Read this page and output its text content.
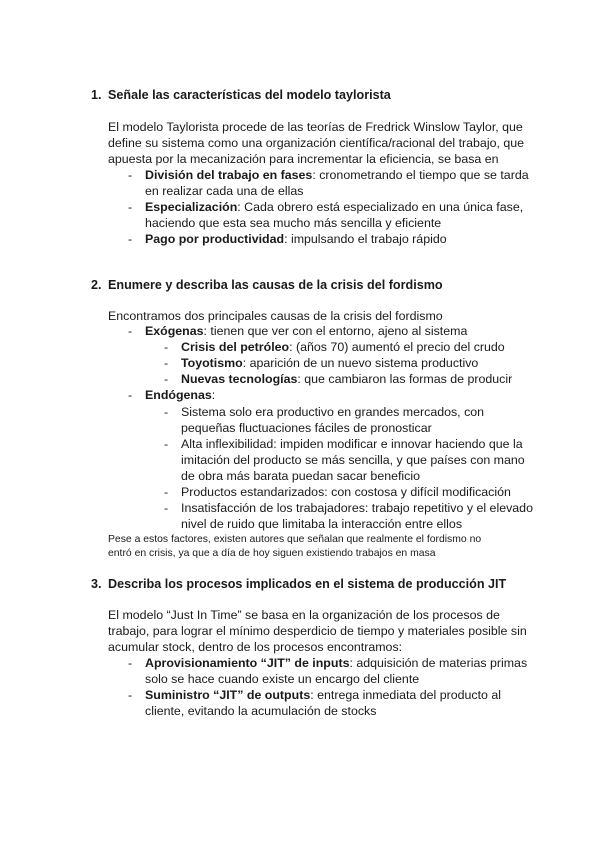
1. Señale las características del modelo taylorista
El modelo Taylorista procede de las teorías de Fredrick Winslow Taylor, que
define su sistema como una organización científica/racional del trabajo, que
apuesta por la mecanización para incrementar la eficiencia, se basa en
- División del trabajo en fases: cronometrando el tiempo que se tarda
en realizar cada una de ellas
- Especialización: Cada obrero está especializado en una única fase,
haciendo que esta sea mucho más sencilla y eficiente
- Pago por productividad: impulsando el trabajo rápido
2. Enumere y describa las causas de la crisis del fordismo
Encontramos dos principales causas de la crisis del fordismo
- Exógenas: tienen que ver con el entorno, ajeno al sistema
- Crisis del petróleo: (años 70) aumentó el precio del crudo
- Toyotismo: aparición de un nuevo sistema productivo
- Nuevas tecnologías: que cambiaron las formas de producir
- Endógenas:
- Sistema solo era productivo en grandes mercados, con
pequeñas fluctuaciones fáciles de pronosticar
- Alta inflexibilidad: impiden modificar e innovar haciendo que la
imitación del producto se más sencilla, y que países con mano
de obra más barata puedan sacar beneficio
- Productos estandarizados: con costosa y difícil modificación
- Insatisfacción de los trabajadores: trabajo repetitivo y el elevado
nivel de ruido que limitaba la interacción entre ellos
Pese a estos factores, existen autores que señalan que realmente el fordismo no
entró en crisis, ya que a día de hoy siguen existiendo trabajos en masa
3. Describa los procesos implicados en el sistema de producción JIT
El modelo “Just In Time” se basa en la organización de los procesos de
trabajo, para lograr el mínimo desperdicio de tiempo y materiales posible sin
acumular stock, dentro de los procesos encontramos:
- Aprovisionamiento “JIT” de inputs: adquisición de materias primas
solo se hace cuando existe un encargo del cliente
- Suministro “JIT” de outputs: entrega inmediata del producto al
cliente, evitando la acumulación de stocks
